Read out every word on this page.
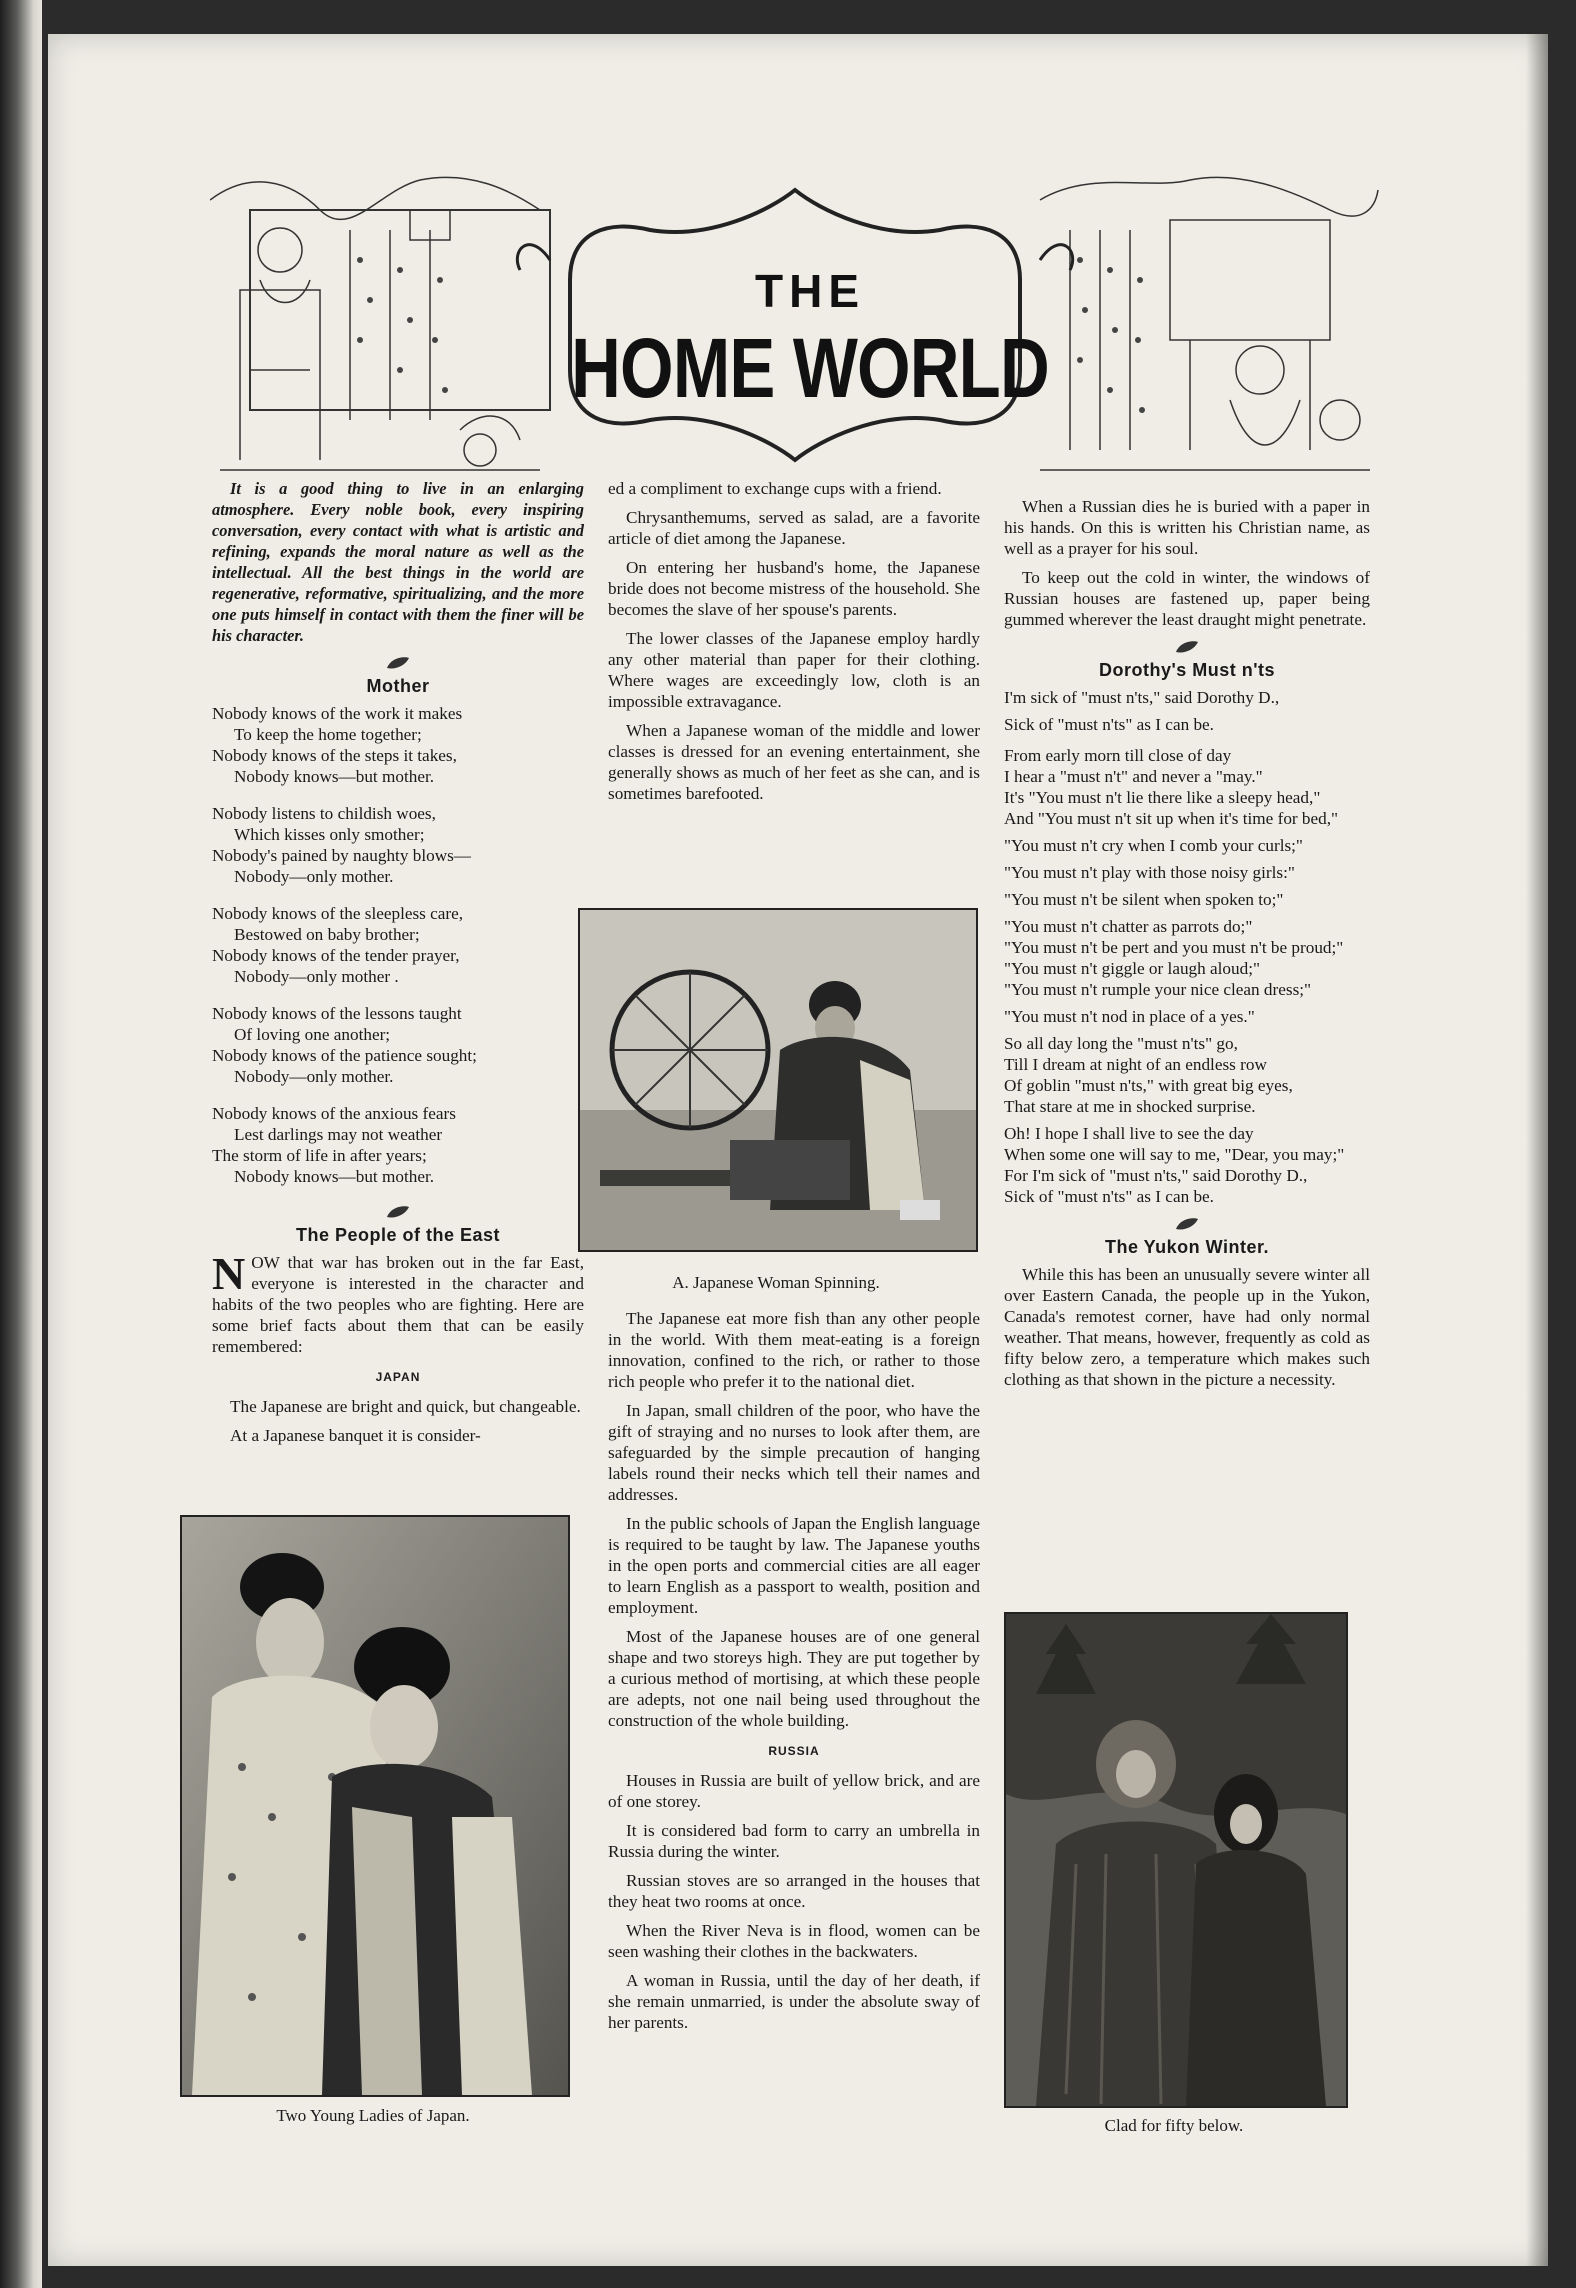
THE
HOME WORLD

It is a good thing to live in an enlarging atmosphere. Every noble book, every inspiring conversation, every contact with what is artistic and refining, expands the moral nature as well as the intellectual. All the best things in the world are regenerative, reformative, spiritualizing, and the more one puts himself in contact with them the finer will be his character.

Mother

Nobody knows of the work it makes
To keep the home together;
Nobody knows of the steps it takes,
Nobody knows—but mother.

Nobody listens to childish woes,
Which kisses only smother;
Nobody's pained by naughty blows—
Nobody—only mother.

Nobody knows of the sleepless care,
Bestowed on baby brother;
Nobody knows of the tender prayer,
Nobody—only mother .

Nobody knows of the lessons taught
Of loving one another;
Nobody knows of the patience sought;
Nobody—only mother.

Nobody knows of the anxious fears
Lest darlings may not weather
The storm of life in after years;
Nobody knows—but mother.

The People of the East

NOW that war has broken out in the far East, everyone is interested in the character and habits of the two peoples who are fighting. Here are some brief facts about them that can be easily remembered:

JAPAN

The Japanese are bright and quick, but changeable.

At a Japanese banquet it is consider-

Two Young Ladies of Japan.

ed a compliment to exchange cups with a friend.

Chrysanthemums, served as salad, are a favorite article of diet among the Japanese.

On entering her husband's home, the Japanese bride does not become mistress of the household. She becomes the slave of her spouse's parents.

The lower classes of the Japanese employ hardly any other material than paper for their clothing. Where wages are exceedingly low, cloth is an impossible extravagance.

When a Japanese woman of the middle and lower classes is dressed for an evening entertainment, she generally shows as much of her feet as she can, and is sometimes barefooted.

A. Japanese Woman Spinning.

The Japanese eat more fish than any other people in the world. With them meat-eating is a foreign innovation, confined to the rich, or rather to those rich people who prefer it to the national diet.

In Japan, small children of the poor, who have the gift of straying and no nurses to look after them, are safeguarded by the simple precaution of hanging labels round their necks which tell their names and addresses.

In the public schools of Japan the English language is required to be taught by law. The Japanese youths in the open ports and commercial cities are all eager to learn English as a passport to wealth, position and employment.

Most of the Japanese houses are of one general shape and two storeys high. They are put together by a curious method of mortising, at which these people are adepts, not one nail being used throughout the construction of the whole building.

RUSSIA

Houses in Russia are built of yellow brick, and are of one storey.

It is considered bad form to carry an umbrella in Russia during the winter.

Russian stoves are so arranged in the houses that they heat two rooms at once.

When the River Neva is in flood, women can be seen washing their clothes in the backwaters.

A woman in Russia, until the day of her death, if she remain unmarried, is under the absolute sway of her parents.

When a Russian dies he is buried with a paper in his hands. On this is written his Christian name, as well as a prayer for his soul.

To keep out the cold in winter, the windows of Russian houses are fastened up, paper being gummed wherever the least draught might penetrate.

Dorothy's Must n'ts

I'm sick of "must n'ts," said Dorothy D.,

Sick of "must n'ts" as I can be.

From early morn till close of day

I hear a "must n't" and never a "may."

It's "You must n't lie there like a sleepy head,"

And "You must n't sit up when it's time for bed,"

"You must n't cry when I comb your curls;"

"You must n't play with those noisy girls:"

"You must n't be silent when spoken to;"

"You must n't chatter as parrots do;"

"You must n't be pert and you must n't be proud;"

"You must n't giggle or laugh aloud;"

"You must n't rumple your nice clean dress;"

"You must n't nod in place of a yes."

So all day long the "must n'ts" go,

Till I dream at night of an endless row

Of goblin "must n'ts," with great big eyes,

That stare at me in shocked surprise.

Oh! I hope I shall live to see the day

When some one will say to me, "Dear, you may;"

For I'm sick of "must n'ts," said Dorothy D.,

Sick of "must n'ts" as I can be.

The Yukon Winter.

While this has been an unusually severe winter all over Eastern Canada, the people up in the Yukon, Canada's remotest corner, have had only normal weather. That means, however, frequently as cold as fifty below zero, a temperature which makes such clothing as that shown in the picture a necessity.

Clad for fifty below.
